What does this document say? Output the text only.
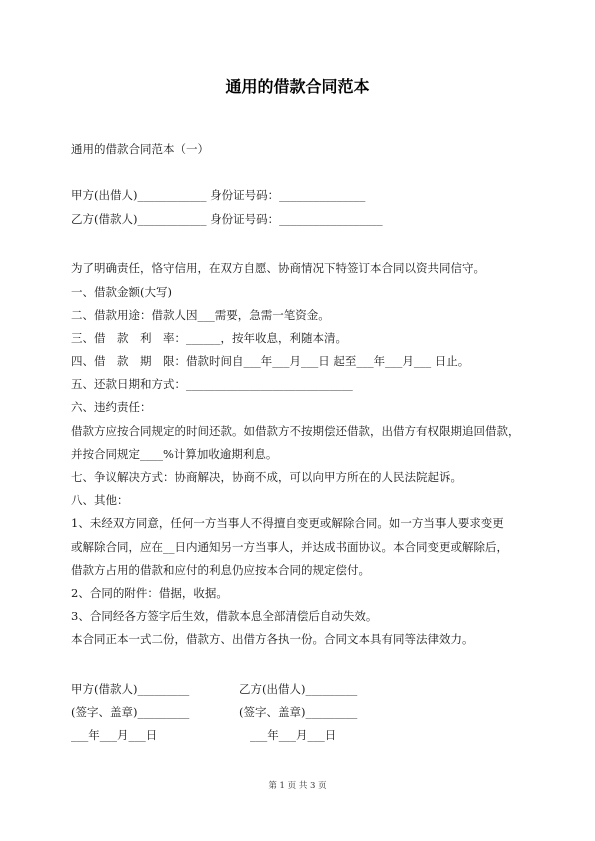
通用的借款合同范本
通用的借款合同范本（一）
甲方(出借人)____________ 身份证号码：_______________
乙方(借款人)____________ 身份证号码：__________________
为了明确责任，恪守信用，在双方自愿、协商情况下特签订本合同以资共同信守。
一、借款金额(大写)
二、借款用途：借款人因___需要，急需一笔资金。
三、借　款　利　率：______，按年收息，利随本清。
四、借　款　期　限：借款时间自___年___月___日 起至___年___月___ 日止。
五、还款日期和方式：_____________________________
六、违约责任：
借款方应按合同规定的时间还款。如借款方不按期偿还借款，出借方有权限期追回借款，
并按合同规定____%计算加收逾期利息。
七、争议解决方式：协商解决，协商不成，可以向甲方所在的人民法院起诉。
八、其他：
1、未经双方同意，任何一方当事人不得擅自变更或解除合同。如一方当事人要求变更
或解除合同，应在__日内通知另一方当事人，并达成书面协议。本合同变更或解除后，
借款方占用的借款和应付的利息仍应按本合同的规定偿付。
2、合同的附件：借据，收据。
3、合同经各方签字后生效，借款本息全部清偿后自动失效。
本合同正本一式二份，借款方、出借方各执一份。合同文本具有同等法律效力。
甲方(借款人)_________	乙方(出借人)_________
(签字、盖章)_________	(签字、盖章)_________
___年___月___日	___年___月___日
第 1 页 共 3 页
